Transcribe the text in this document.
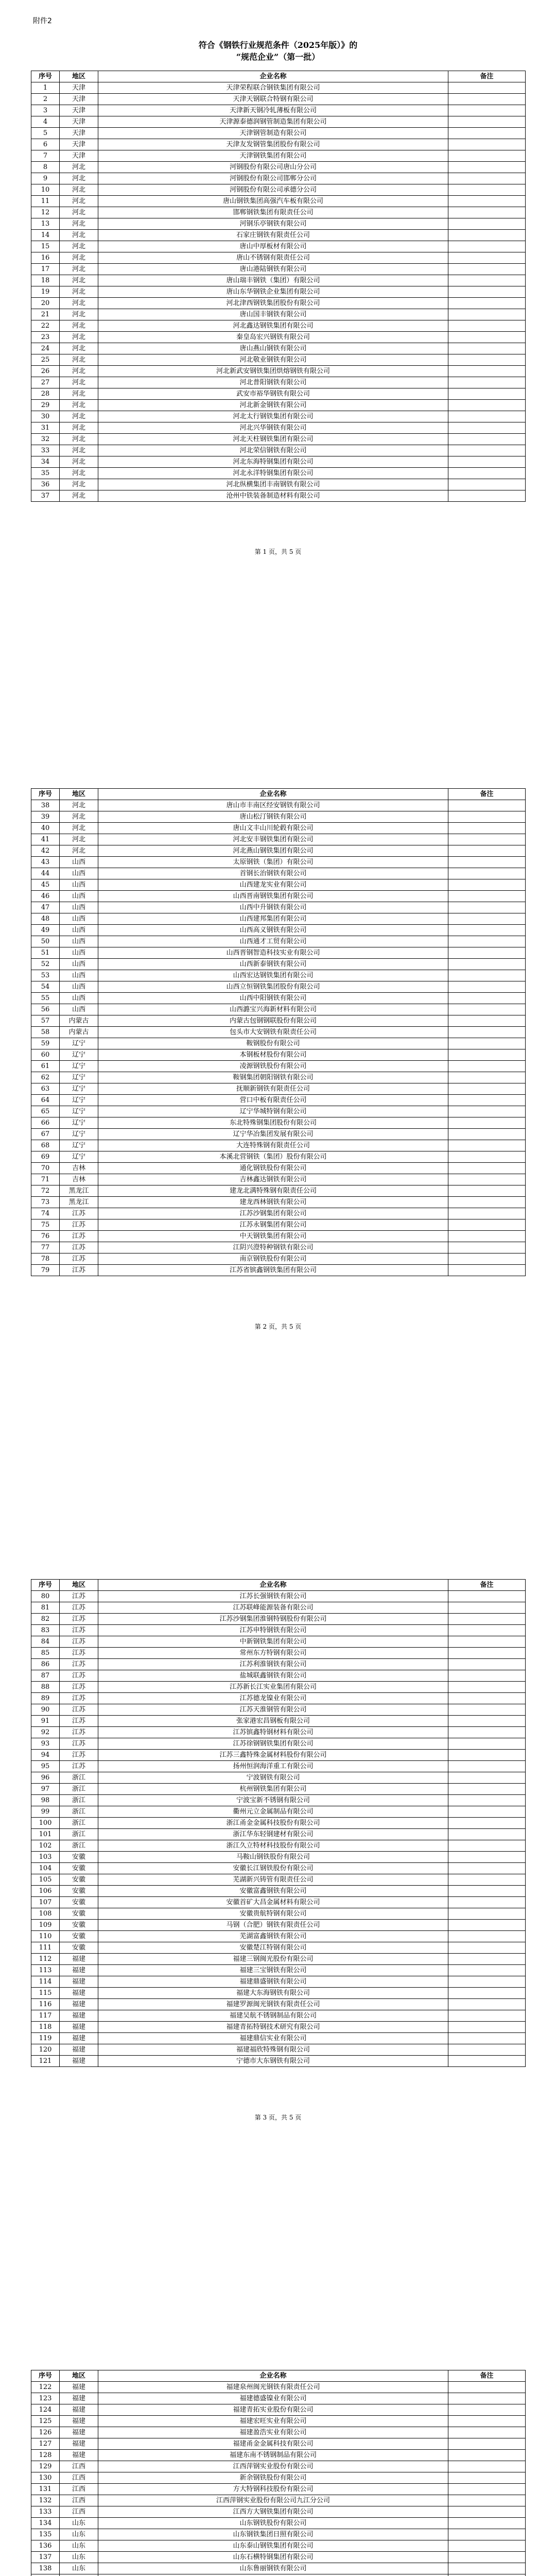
附件2
符合《钢铁行业规范条件（2025年版）》的
“规范企业”（第一批）
序号	地区	企业名称	备注
1	天津	天津荣程联合钢铁集团有限公司	
2	天津	天津天钢联合特钢有限公司	
3	天津	天津新天钢冷轧薄板有限公司	
4	天津	天津源泰德润钢管制造集团有限公司	
5	天津	天津钢管制造有限公司	
6	天津	天津友发钢管集团股份有限公司	
7	天津	天津钢铁集团有限公司	
8	河北	河钢股份有限公司唐山分公司	
9	河北	河钢股份有限公司邯郸分公司	
10	河北	河钢股份有限公司承德分公司	
11	河北	唐山钢铁集团高强汽车板有限公司	
12	河北	邯郸钢铁集团有限责任公司	
13	河北	河钢乐亭钢铁有限公司	
14	河北	石家庄钢铁有限责任公司	
15	河北	唐山中厚板材有限公司	
16	河北	唐山不锈钢有限责任公司	
17	河北	唐山港陆钢铁有限公司	
18	河北	唐山瑞丰钢铁（集团）有限公司	
19	河北	唐山东华钢铁企业集团有限公司	
20	河北	河北津西钢铁集团股份有限公司	
21	河北	唐山国丰钢铁有限公司	
22	河北	河北鑫达钢铁集团有限公司	
23	河北	秦皇岛宏兴钢铁有限公司	
24	河北	唐山燕山钢铁有限公司	
25	河北	河北敬业钢铁有限公司	
26	河北	河北新武安钢铁集团烘熔钢铁有限公司	
27	河北	河北普阳钢铁有限公司	
28	河北	武安市裕华钢铁有限公司	
29	河北	河北新金钢铁有限公司	
30	河北	河北太行钢铁集团有限公司	
31	河北	河北兴华钢铁有限公司	
32	河北	河北天柱钢铁集团有限公司	
33	河北	河北荣信钢铁有限公司	
34	河北	河北东海特钢集团有限公司	
35	河北	河北永洋特钢集团有限公司	
36	河北	河北纵横集团丰南钢铁有限公司	
37	河北	沧州中铁装备制造材料有限公司	
第 1 页，共 5 页
序号	地区	企业名称	备注
38	河北	唐山市丰南区经安钢铁有限公司	
39	河北	唐山松汀钢铁有限公司	
40	河北	唐山文丰山川轮毂有限公司	
41	河北	河北安丰钢铁集团有限公司	
42	河北	河北燕山钢铁集团有限公司	
43	山西	太原钢铁（集团）有限公司	
44	山西	首钢长治钢铁有限公司	
45	山西	山西建龙实业有限公司	
46	山西	山西晋南钢铁集团有限公司	
47	山西	山西中升钢铁有限公司	
48	山西	山西建邦集团有限公司	
49	山西	山西高义钢铁有限公司	
50	山西	山西通才工贸有限公司	
51	山西	山西晋钢智造科技实业有限公司	
52	山西	山西新泰钢铁有限公司	
53	山西	山西宏达钢铁集团有限公司	
54	山西	山西立恒钢铁集团股份有限公司	
55	山西	山西中阳钢铁有限公司	
56	山西	山西潞宝兴海新材料有限公司	
57	内蒙古	内蒙古包钢钢联股份有限公司	
58	内蒙古	包头市大安钢铁有限责任公司	
59	辽宁	鞍钢股份有限公司	
60	辽宁	本钢板材股份有限公司	
61	辽宁	凌源钢铁股份有限公司	
62	辽宁	鞍钢集团朝阳钢铁有限公司	
63	辽宁	抚顺新钢铁有限责任公司	
64	辽宁	营口中板有限责任公司	
65	辽宁	辽宁华城特钢有限公司	
66	辽宁	东北特殊钢集团股份有限公司	
67	辽宁	辽宁华冶集团发展有限公司	
68	辽宁	大连特殊钢有限责任公司	
69	辽宁	本溪北营钢铁（集团）股份有限公司	
70	吉林	通化钢铁股份有限公司	
71	吉林	吉林鑫达钢铁有限公司	
72	黑龙江	建龙北满特殊钢有限责任公司	
73	黑龙江	建龙西林钢铁有限公司	
74	江苏	江苏沙钢集团有限公司	
75	江苏	江苏永钢集团有限公司	
76	江苏	中天钢铁集团有限公司	
77	江苏	江阴兴澄特种钢铁有限公司	
78	江苏	南京钢铁股份有限公司	
79	江苏	江苏省镔鑫钢铁集团有限公司	
第 2 页，共 5 页
序号	地区	企业名称	备注
80	江苏	江苏长强钢铁有限公司	
81	江苏	江苏联峰能源装备有限公司	
82	江苏	江苏沙钢集团淮钢特钢股份有限公司	
83	江苏	江苏申特钢铁有限公司	
84	江苏	中新钢铁集团有限公司	
85	江苏	常州东方特钢有限公司	
86	江苏	江苏利淮钢铁有限公司	
87	江苏	盐城联鑫钢铁有限公司	
88	江苏	江苏新长江实业集团有限公司	
89	江苏	江苏德龙镍业有限公司	
90	江苏	江苏天淮钢管有限公司	
91	江苏	张家港宏昌钢板有限公司	
92	江苏	江苏镔鑫特钢材料有限公司	
93	江苏	江苏徐钢钢铁集团有限公司	
94	江苏	江苏三鑫特殊金属材料股份有限公司	
95	江苏	扬州恒润海洋重工有限公司	
96	浙江	宁波钢铁有限公司	
97	浙江	杭州钢铁集团有限公司	
98	浙江	宁波宝新不锈钢有限公司	
99	浙江	衢州元立金属制品有限公司	
100	浙江	浙江甬金金属科技股份有限公司	
101	浙江	浙江华东轻钢建材有限公司	
102	浙江	浙江久立特材科技股份有限公司	
103	安徽	马鞍山钢铁股份有限公司	
104	安徽	安徽长江钢铁股份有限公司	
105	安徽	芜湖新兴铸管有限责任公司	
106	安徽	安徽富鑫钢铁有限公司	
107	安徽	安徽首矿大昌金属材料有限公司	
108	安徽	安徽贵航特钢有限公司	
109	安徽	马钢（合肥）钢铁有限责任公司	
110	安徽	芜湖富鑫钢铁有限公司	
111	安徽	安徽楚江特钢有限公司	
112	福建	福建三钢闽光股份有限公司	
113	福建	福建三宝钢铁有限公司	
114	福建	福建鼎盛钢铁有限公司	
115	福建	福建大东海钢铁有限公司	
116	福建	福建罗源闽光钢铁有限责任公司	
117	福建	福建吴航不锈钢制品有限公司	
118	福建	福建青拓特钢技术研究有限公司	
119	福建	福建鼎信实业有限公司	
120	福建	福建福欣特殊钢有限公司	
121	福建	宁德市大东钢铁有限公司	
第 3 页，共 5 页
序号	地区	企业名称	备注
122	福建	福建泉州闽光钢铁有限责任公司	
123	福建	福建德盛镍业有限公司	
124	福建	福建青拓实业股份有限公司	
125	福建	福建宏旺实业有限公司	
126	福建	福建盈浩实业有限公司	
127	福建	福建甬金金属科技有限公司	
128	福建	福建东南不锈钢制品有限公司	
129	江西	江西萍钢实业股份有限公司	
130	江西	新余钢铁股份有限公司	
131	江西	方大特钢科技股份有限公司	
132	江西	江西萍钢实业股份有限公司九江分公司	
133	江西	江西方大钢铁集团有限公司	
134	山东	山东钢铁股份有限公司	
135	山东	山东钢铁集团日照有限公司	
136	山东	山东泰山钢铁集团有限公司	
137	山东	山东石横特钢集团有限公司	
138	山东	山东鲁丽钢铁有限公司	
